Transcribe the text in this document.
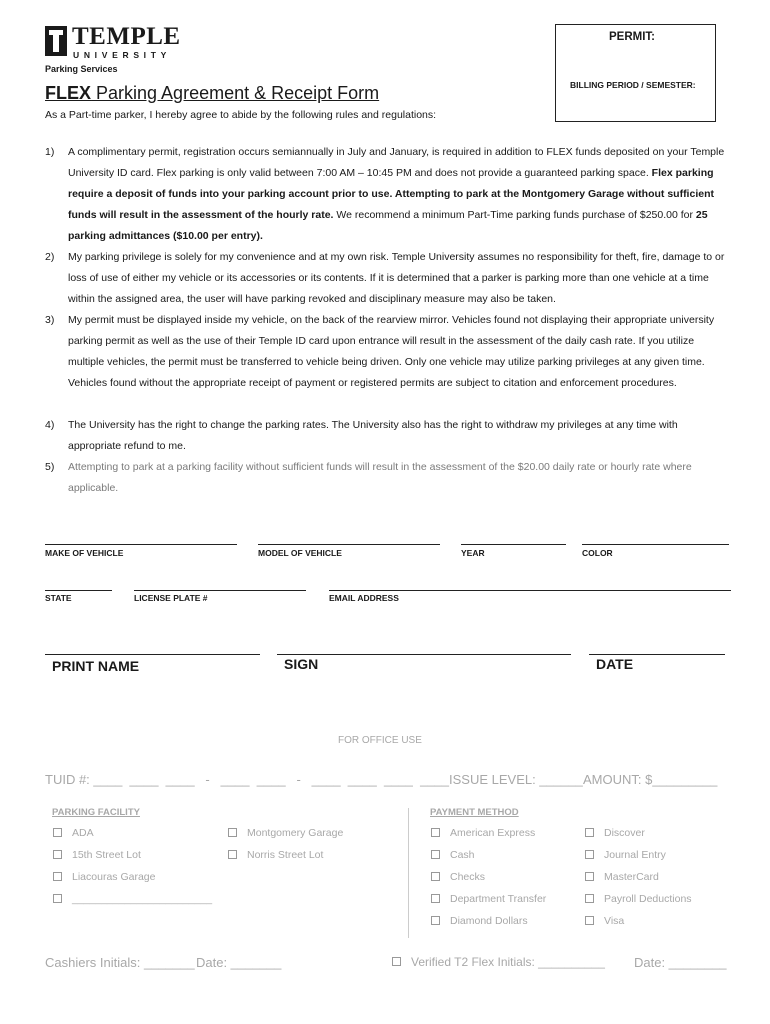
TEMPLE
UNIVERSITY
Parking Services
PERMIT:
BILLING PERIOD / SEMESTER:
FLEX Parking Agreement & Receipt Form
As a Part-time parker, I hereby agree to abide by the following rules and regulations:
1) A complimentary permit, registration occurs semiannually in July and January, is required in addition to FLEX funds deposited on your Temple University ID card. Flex parking is only valid between 7:00 AM – 10:45 PM and does not provide a guaranteed parking space. Flex parking require a deposit of funds into your parking account prior to use. Attempting to park at the Montgomery Garage without sufficient funds will result in the assessment of the hourly rate. We recommend a minimum Part-Time parking funds purchase of $250.00 for 25 parking admittances ($10.00 per entry).
2) My parking privilege is solely for my convenience and at my own risk. Temple University assumes no responsibility for theft, fire, damage to or loss of use of either my vehicle or its accessories or its contents. If it is determined that a parker is parking more than one vehicle at a time within the assigned area, the user will have parking revoked and disciplinary measure may also be taken.
3) My permit must be displayed inside my vehicle, on the back of the rearview mirror. Vehicles found not displaying their appropriate university parking permit as well as the use of their Temple ID card upon entrance will result in the assessment of the daily cash rate. If you utilize multiple vehicles, the permit must be transferred to vehicle being driven. Only one vehicle may utilize parking privileges at any given time. Vehicles found without the appropriate receipt of payment or registered permits are subject to citation and enforcement procedures.
4) The University has the right to change the parking rates. The University also has the right to withdraw my privileges at any time with appropriate refund to me.
5) Attempting to park at a parking facility without sufficient funds will result in the assessment of the $20.00 daily rate or hourly rate where applicable.
MAKE OF VEHICLE	MODEL OF VEHICLE	YEAR	COLOR
STATE	LICENSE PLATE #	EMAIL ADDRESS
PRINT NAME	SIGN	DATE
FOR OFFICE USE
TUID #: ____  ____  ____   -   ____  ____   -   ____  ____  ____  ____ ISSUE LEVEL: ______ AMOUNT: $_________
PARKING FACILITY	PAYMENT METHOD
ADA
15th Street Lot
Liacouras Garage
________________________
Montgomery Garage
Norris Street Lot
American Express
Cash
Checks
Department Transfer
Diamond Dollars
Discover
Journal Entry
MasterCard
Payroll Deductions
Visa
Cashiers Initials: _______ Date: _______	Verified T2 Flex Initials: __________ Date: ________
